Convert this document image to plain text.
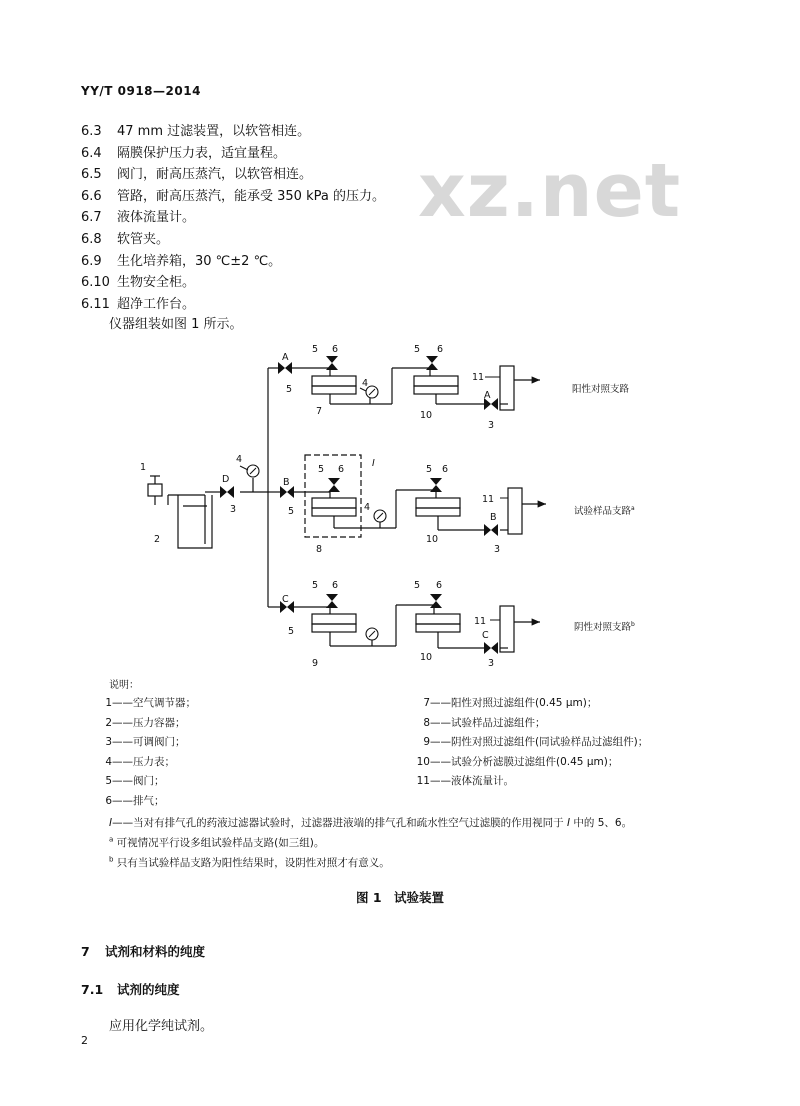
YY/T 0918—2014
xz.net
6.3 47 mm 过滤装置，以软管相连。
6.4 隔膜保护压力表，适宜量程。
6.5 阀门，耐高压蒸汽，以软管相连。
6.6 管路，耐高压蒸汽，能承受 350 kPa 的压力。
6.7 液体流量计。
6.8 软管夹。
6.9 生化培养箱，30 ℃±2 ℃。
6.10 生物安全柜。
6.11 超净工作台。
仪器组装如图 1 所示。
5 6	5 6
A
5
4
7	10
11
A
3
1
2
4
D
3
B
5
5 6
I
4
8
5 6
10
11
B
3
C
5
5 6	5 6
9
10
11
C
3
阳性对照支路
试验样品支路$^a$
阴性对照支路$^b$
说明：
1——空气调节器；
2——压力容器；
3——可调阀门；
4——压力表；
5——阀门；
6——排气；
7——阳性对照过滤组件(0.45 μm)；
8——试验样品过滤组件；
9——阴性对照过滤组件(同试验样品过滤组件)；
10——试验分析滤膜过滤组件(0.45 μm)；
11——液体流量计。
I——当对有排气孔的药液过滤器试验时，过滤器进液端的排气孔和疏水性空气过滤膜的作用视同于 I 中的 5、6。
$^a$ 可视情况平行设多组试验样品支路(如三组)。
$^b$ 只有当试验样品支路为阳性结果时，设阴性对照才有意义。
图 1　试验装置
7 试剂和材料的纯度
7.1 试剂的纯度
应用化学纯试剂。
2
